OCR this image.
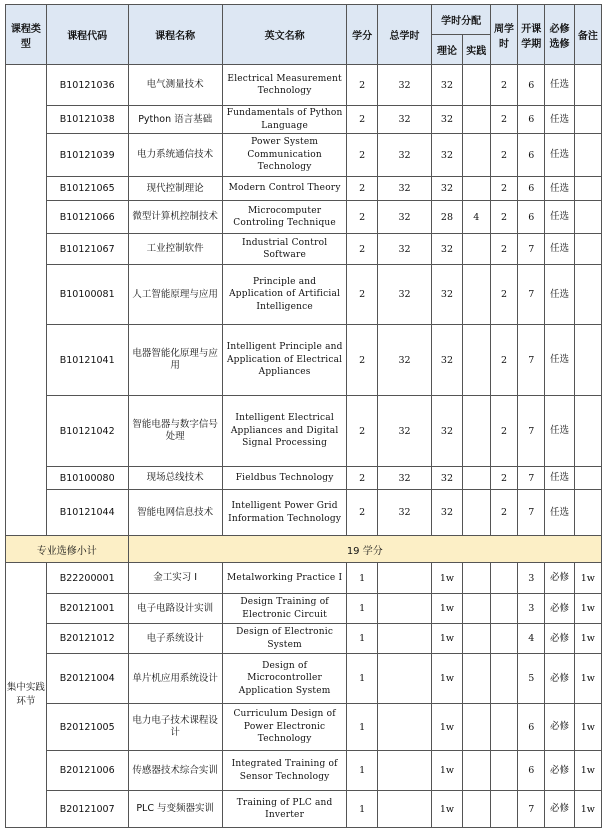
课程类型	课程代码	课程名称	英文名称	学分	总学时	学时分配		周学时	开课学期	必修选修	备注
						理论	实践				
	B10121036	电气测量技术	Electrical Measurement Technology	2	32	32		2	6	任选	
	B10121038	Python 语言基础	Fundamentals of Python Language	2	32	32		2	6	任选	
	B10121039	电力系统通信技术	Power System Communication Technology	2	32	32		2	6	任选	
	B10121065	现代控制理论	Modern Control Theory	2	32	32		2	6	任选	
	B10121066	微型计算机控制技术	Microcomputer Controling Technique	2	32	28	4	2	6	任选	
	B10121067	工业控制软件	Industrial Control Software	2	32	32		2	7	任选	
	B10100081	人工智能原理与应用	Principle and Application of Artificial Intelligence	2	32	32		2	7	任选	
	B10121041	电器智能化原理与应用	Intelligent Principle and Application of Electrical Appliances	2	32	32		2	7	任选	
	B10121042	智能电器与数字信号处理	Intelligent Electrical Appliances and Digital Signal Processing	2	32	32		2	7	任选	
	B10100080	现场总线技术	Fieldbus Technology	2	32	32		2	7	任选	
	B10121044	智能电网信息技术	Intelligent Power Grid Information Technology	2	32	32		2	7	任选	
专业选修小计		19 学分									
集中实践环节	B22200001	金工实习 I	Metalworking Practice I	1		1w			3	必修	1w
	B20121001	电子电路设计实训	Design Training of Electronic Circuit	1		1w			3	必修	1w
	B20121012	电子系统设计	Design of Electronic System	1		1w			4	必修	1w
	B20121004	单片机应用系统设计	Design of Microcontroller Application System	1		1w			5	必修	1w
	B20121005	电力电子技术课程设计	Curriculum Design of Power Electronic Technology	1		1w			6	必修	1w
	B20121006	传感器技术综合实训	Integrated Training of Sensor Technology	1		1w			6	必修	1w
	B20121007	PLC 与变频器实训	Training of PLC and Inverter	1		1w			7	必修	1w
